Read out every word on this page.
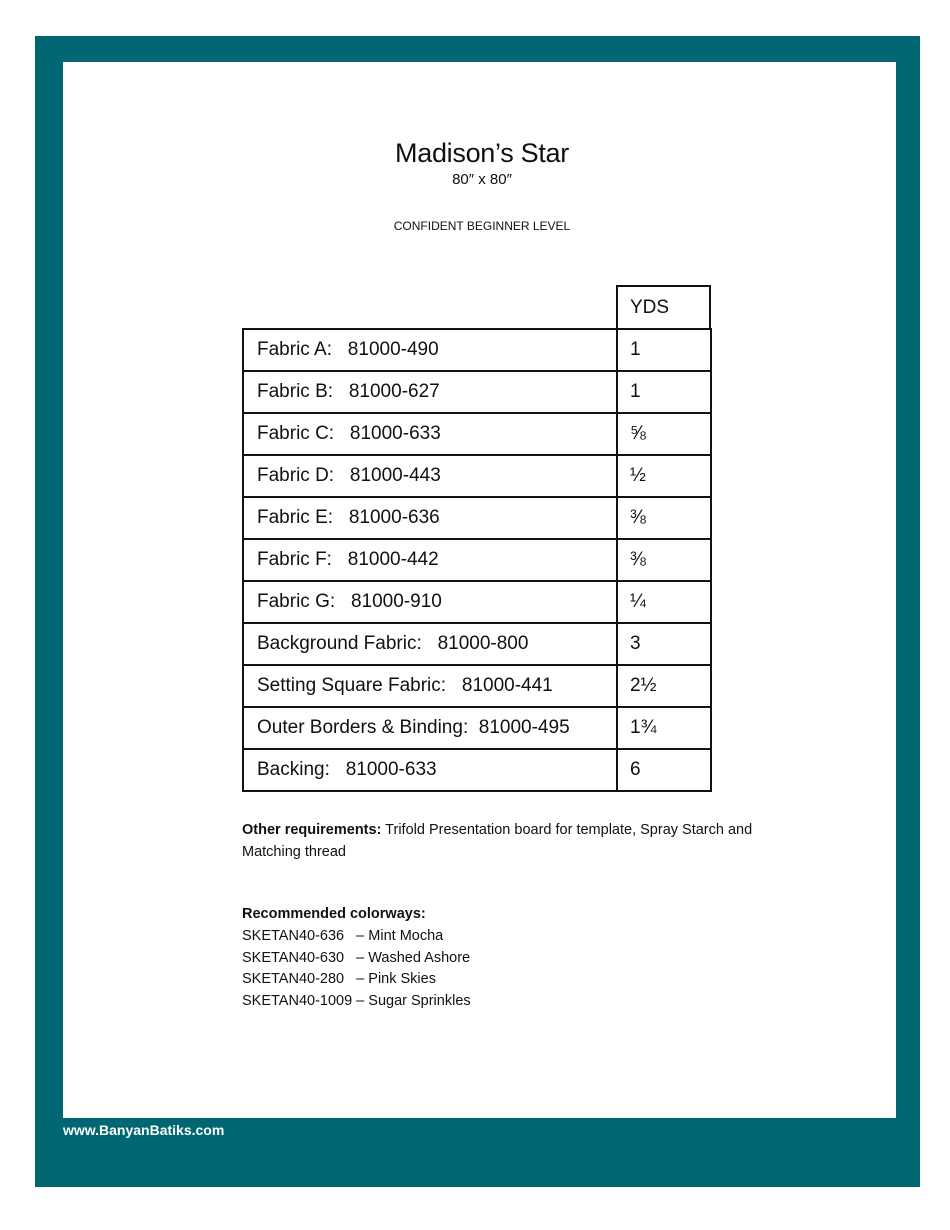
Madison’s Star
80″ x 80″
CONFIDENT BEGINNER LEVEL
YDS
Fabric A:   81000-490	1
Fabric B:   81000-627	1
Fabric C:   81000-633	⅝
Fabric D:   81000-443	½
Fabric E:   81000-636	⅜
Fabric F:   81000-442	⅜
Fabric G:   81000-910	¼
Background Fabric:   81000-800	3
Setting Square Fabric:   81000-441	2½
Outer Borders & Binding:  81000-495	1¾
Backing:   81000-633	6
Other requirements: Trifold Presentation board for template, Spray Starch and Matching thread
Recommended colorways:
SKETAN40-636   – Mint Mocha
SKETAN40-630   – Washed Ashore
SKETAN40-280   – Pink Skies
SKETAN40-1009 – Sugar Sprinkles
www.BanyanBatiks.com
